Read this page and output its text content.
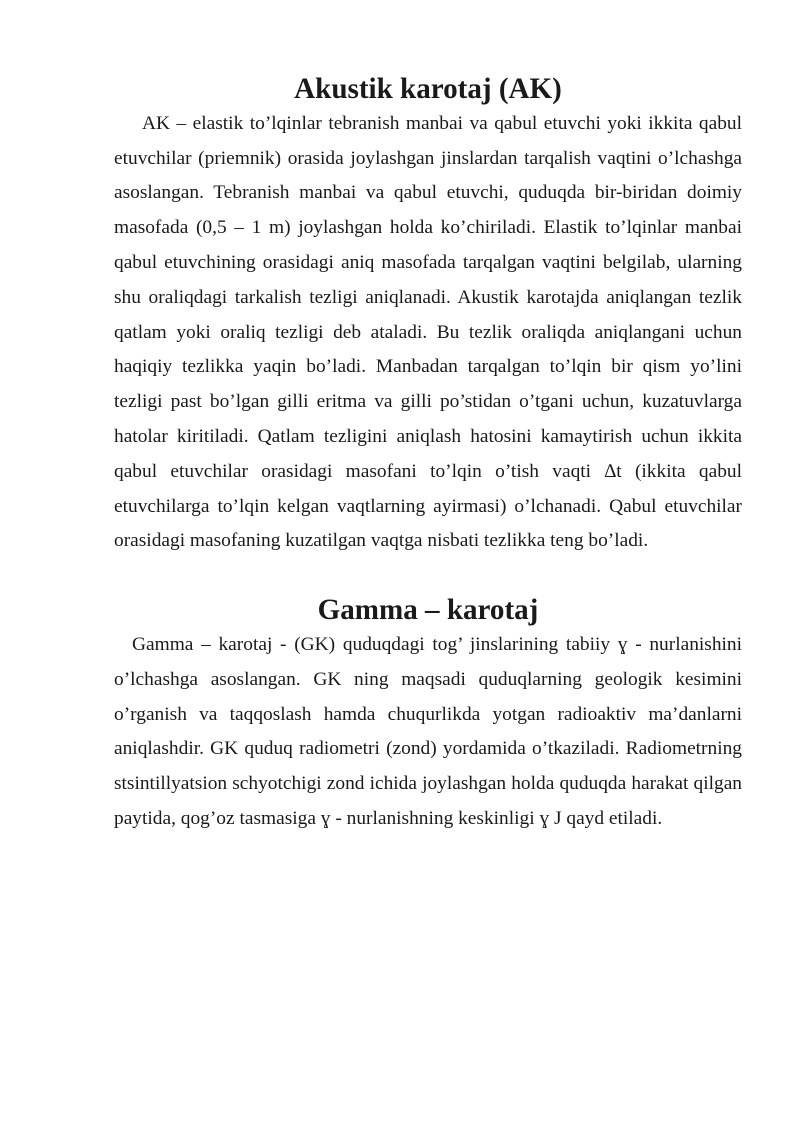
Akustik karotaj (AK)

AK – elastik to’lqinlar tebranish manbai va qabul etuvchi yoki ikkita qabul etuvchilar (priemnik) orasida joylashgan jinslardan tarqalish vaqtini o’lchashga asoslangan. Tebranish manbai va qabul etuvchi, quduqda bir-biridan doimiy masofada (0,5 – 1 m) joylashgan holda ko’chiriladi. Elastik to’lqinlar manbai qabul etuvchining orasidagi aniq masofada tarqalgan vaqtini belgilab, ularning shu oraliqdagi tarkalish tezligi aniqlanadi. Akustik karotajda aniqlangan tezlik qatlam yoki oraliq tezligi deb ataladi. Bu tezlik oraliqda aniqlangani uchun haqiqiy tezlikka yaqin bo’ladi. Manbadan tarqalgan to’lqin bir qism yo’lini tezligi past bo’lgan gilli eritma va gilli po’stidan o’tgani uchun, kuzatuvlarga hatolar kiritiladi. Qatlam tezligini aniqlash hatosini kamaytirish uchun ikkita qabul etuvchilar orasidagi masofani to’lqin o’tish vaqti ∆t (ikkita qabul etuvchilarga to’lqin kelgan vaqtlarning ayirmasi) o’lchanadi. Qabul etuvchilar orasidagi masofaning kuzatilgan vaqtga nisbati tezlikka teng bo’ladi.

Gamma – karotaj

Gamma – karotaj - (GK) quduqdagi tog’ jinslarining tabiiy ɣ - nurlanishini o’lchashga asoslangan. GK ning maqsadi quduqlarning geologik kesimini o’rganish va taqqoslash hamda chuqurlikda yotgan radioaktiv ma’danlarni aniqlashdir. GK quduq radiometri (zond) yordamida o’tkaziladi. Radiometrning stsintillyatsion schyotchigi zond ichida joylashgan holda quduqda harakat qilgan paytida, qog’oz tasmasiga ɣ - nurlanishning keskinligi ɣ J qayd etiladi.
